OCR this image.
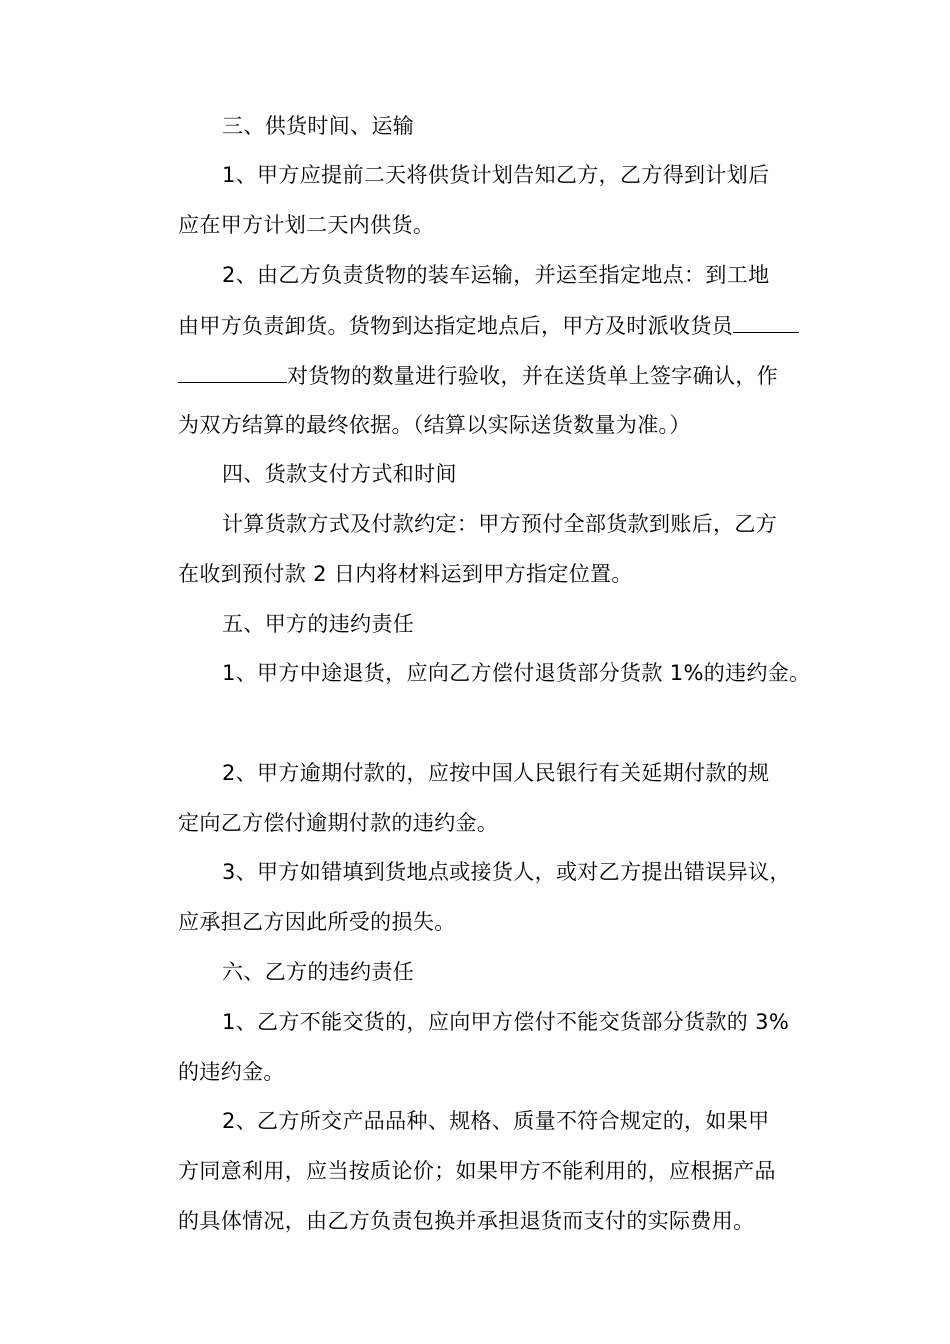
三、供货时间、运输
1、甲方应提前二天将供货计划告知乙方，乙方得到计划后
应在甲方计划二天内供货。
2、由乙方负责货物的装车运输，并运至指定地点：到工地
由甲方负责卸货。货物到达指定地点后，甲方及时派收货员
对货物的数量进行验收，并在送货单上签字确认，作
为双方结算的最终依据。（结算以实际送货数量为准。）
四、货款支付方式和时间
计算货款方式及付款约定：甲方预付全部货款到账后，乙方
在收到预付款 2 日内将材料运到甲方指定位置。
五、甲方的违约责任
1、甲方中途退货，应向乙方偿付退货部分货款 1%的违约金。
2、甲方逾期付款的，应按中国人民银行有关延期付款的规
定向乙方偿付逾期付款的违约金。
3、甲方如错填到货地点或接货人，或对乙方提出错误异议，
应承担乙方因此所受的损失。
六、乙方的违约责任
1、乙方不能交货的，应向甲方偿付不能交货部分货款的 3%
的违约金。
2、乙方所交产品品种、规格、质量不符合规定的，如果甲
方同意利用，应当按质论价；如果甲方不能利用的，应根据产品
的具体情况，由乙方负责包换并承担退货而支付的实际费用。
